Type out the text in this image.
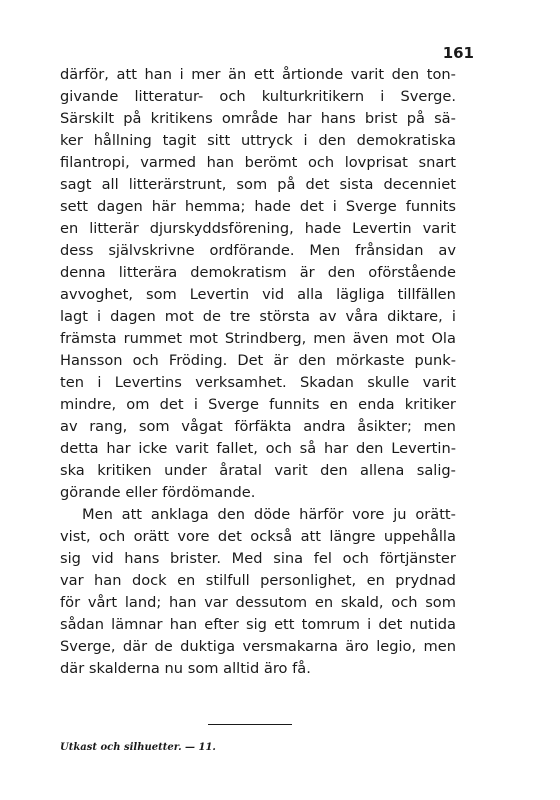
161
därför, att han i mer än ett årtionde varit den ton-
givande litteratur- och kulturkritikern i Sverge.
Särskilt på kritikens område har hans brist på sä-
ker hållning tagit sitt uttryck i den demokratiska
filantropi, varmed han berömt och lovprisat snart
sagt all litterärstrunt, som på det sista decenniet
sett dagen här hemma; hade det i Sverge funnits
en litterär djurskyddsförening, hade Levertin varit
dess självskrivne ordförande. Men frånsidan av
denna litterära demokratism är den oförstående
avvoghet, som Levertin vid alla lägliga tillfällen
lagt i dagen mot de tre största av våra diktare, i
främsta rummet mot Strindberg, men även mot Ola
Hansson och Fröding. Det är den mörkaste punk-
ten i Levertins verksamhet. Skadan skulle varit
mindre, om det i Sverge funnits en enda kritiker
av rang, som vågat förfäkta andra åsikter; men
detta har icke varit fallet, och så har den Levertin-
ska kritiken under åratal varit den allena salig-
görande eller fördömande.
Men att anklaga den döde härför vore ju orätt-
vist, och orätt vore det också att längre uppehålla
sig vid hans brister. Med sina fel och förtjänster
var han dock en stilfull personlighet, en prydnad
för vårt land; han var dessutom en skald, och som
sådan lämnar han efter sig ett tomrum i det nutida
Sverge, där de duktiga versmakarna äro legio, men
där skalderna nu som alltid äro få.
Utkast och silhuetter. — 11.
